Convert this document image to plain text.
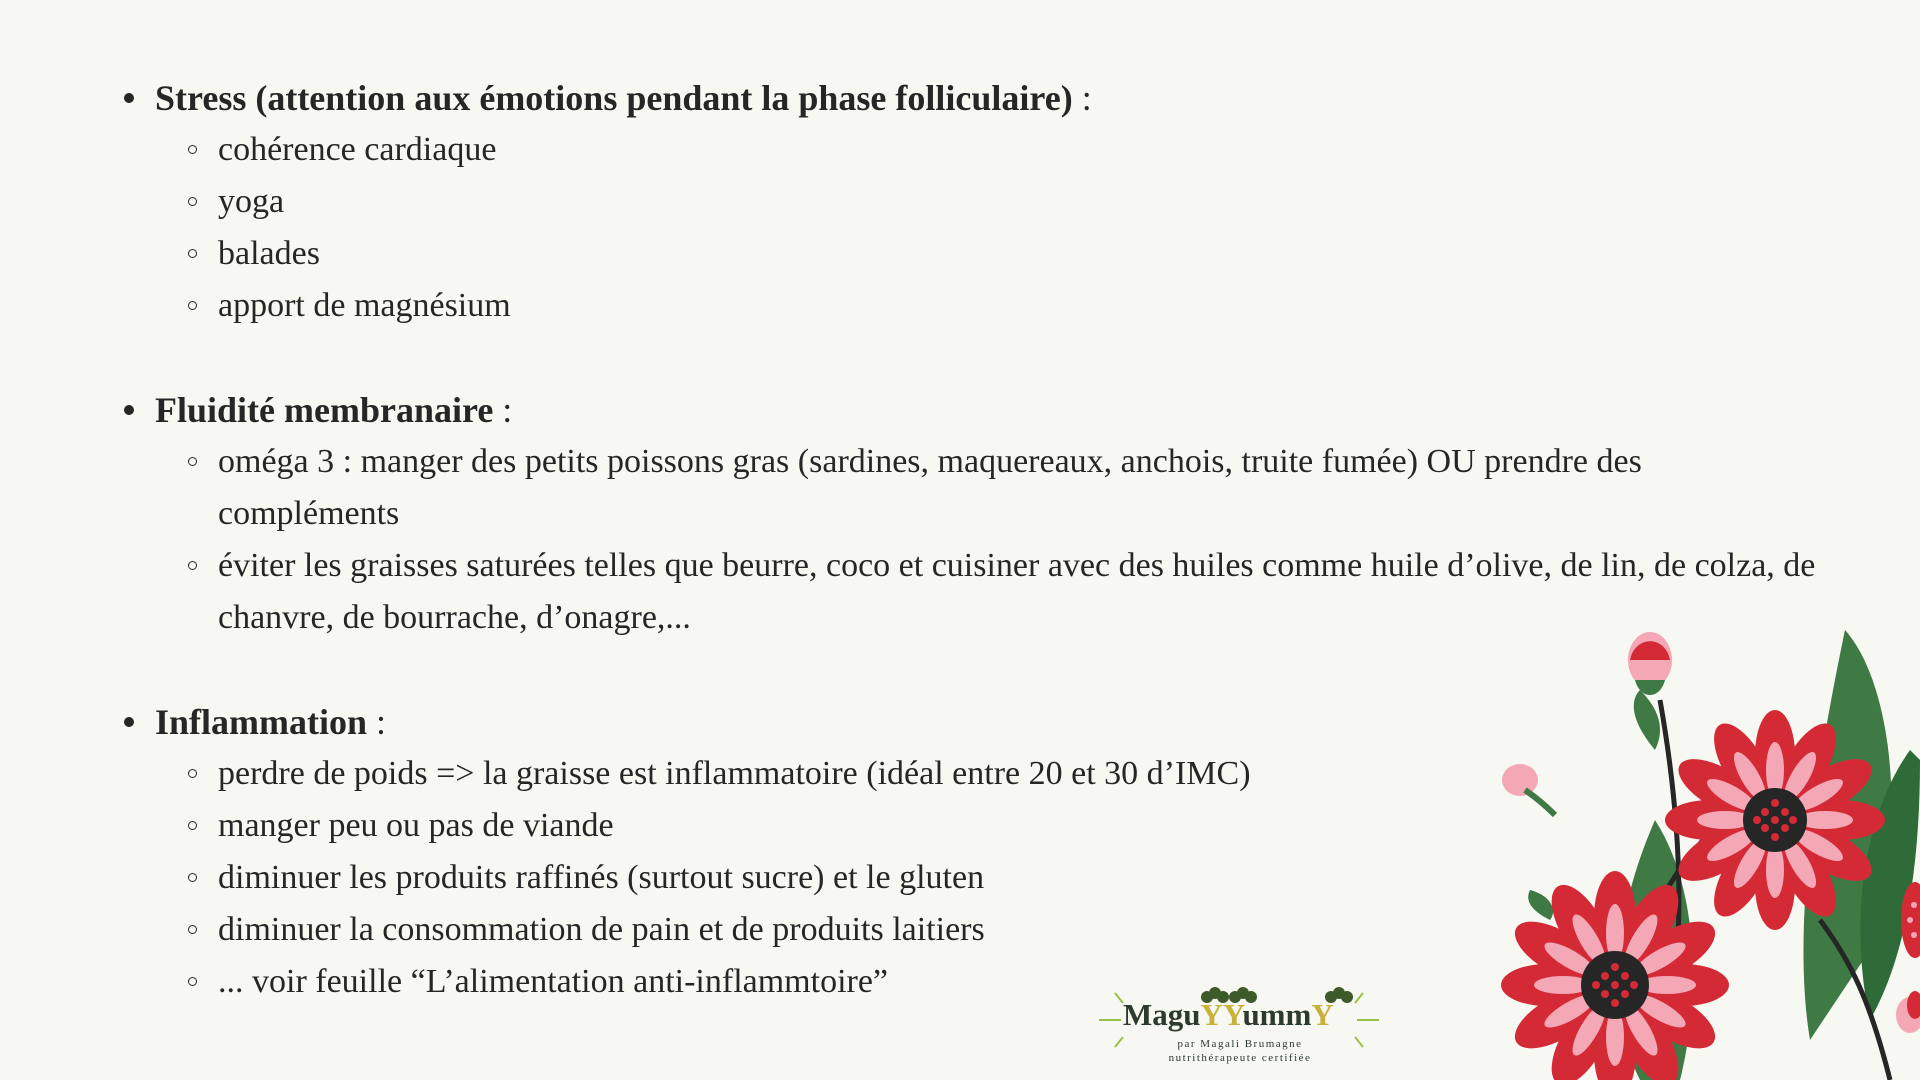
Stress (attention aux émotions pendant la phase folliculaire) :
cohérence cardiaque
yoga
balades
apport de magnésium
Fluidité membranaire :
oméga 3 : manger des petits poissons gras (sardines, maquereaux, anchois, truite fumée) OU prendre des compléments
éviter les graisses saturées telles que beurre, coco et cuisiner avec des huiles comme huile d’olive, de lin, de colza, de chanvre, de bourrache, d’onagre,...
Inflammation :
perdre de poids => la graisse est inflammatoire (idéal entre 20 et 30 d’IMC)
manger peu ou pas de viande
diminuer les produits raffinés (surtout sucre) et le gluten
diminuer la consommation de pain et de produits laitiers
... voir feuille “L’alimentation anti-inflammtoire”
MaguYYummY
par Magali Brumagne
nutrithérapeute certifiée
